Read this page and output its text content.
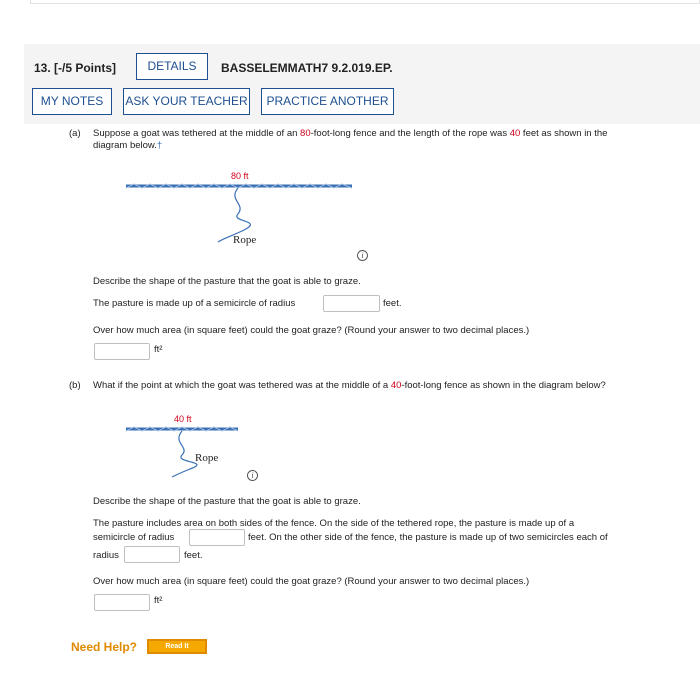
13. [-/5 Points]	DETAILS	BASSELEMMATH7 9.2.019.EP.
MY NOTES	ASK YOUR TEACHER	PRACTICE ANOTHER
(a) Suppose a goat was tethered at the middle of an 80-foot-long fence and the length of the rope was 40 feet as shown in the
diagram below.†
80 ft
Rope
i
Describe the shape of the pasture that the goat is able to graze.
The pasture is made up of a semicircle of radius	feet.
Over how much area (in square feet) could the goat graze? (Round your answer to two decimal places.)
ft²
(b) What if the point at which the goat was tethered was at the middle of a 40-foot-long fence as shown in the diagram below?
40 ft
Rope
i
Describe the shape of the pasture that the goat is able to graze.
The pasture includes area on both sides of the fence. On the side of the tethered rope, the pasture is made up of a
semicircle of radius	feet. On the other side of the fence, the pasture is made up of two semicircles each of
radius	feet.
Over how much area (in square feet) could the goat graze? (Round your answer to two decimal places.)
ft²
Need Help?	Read It
